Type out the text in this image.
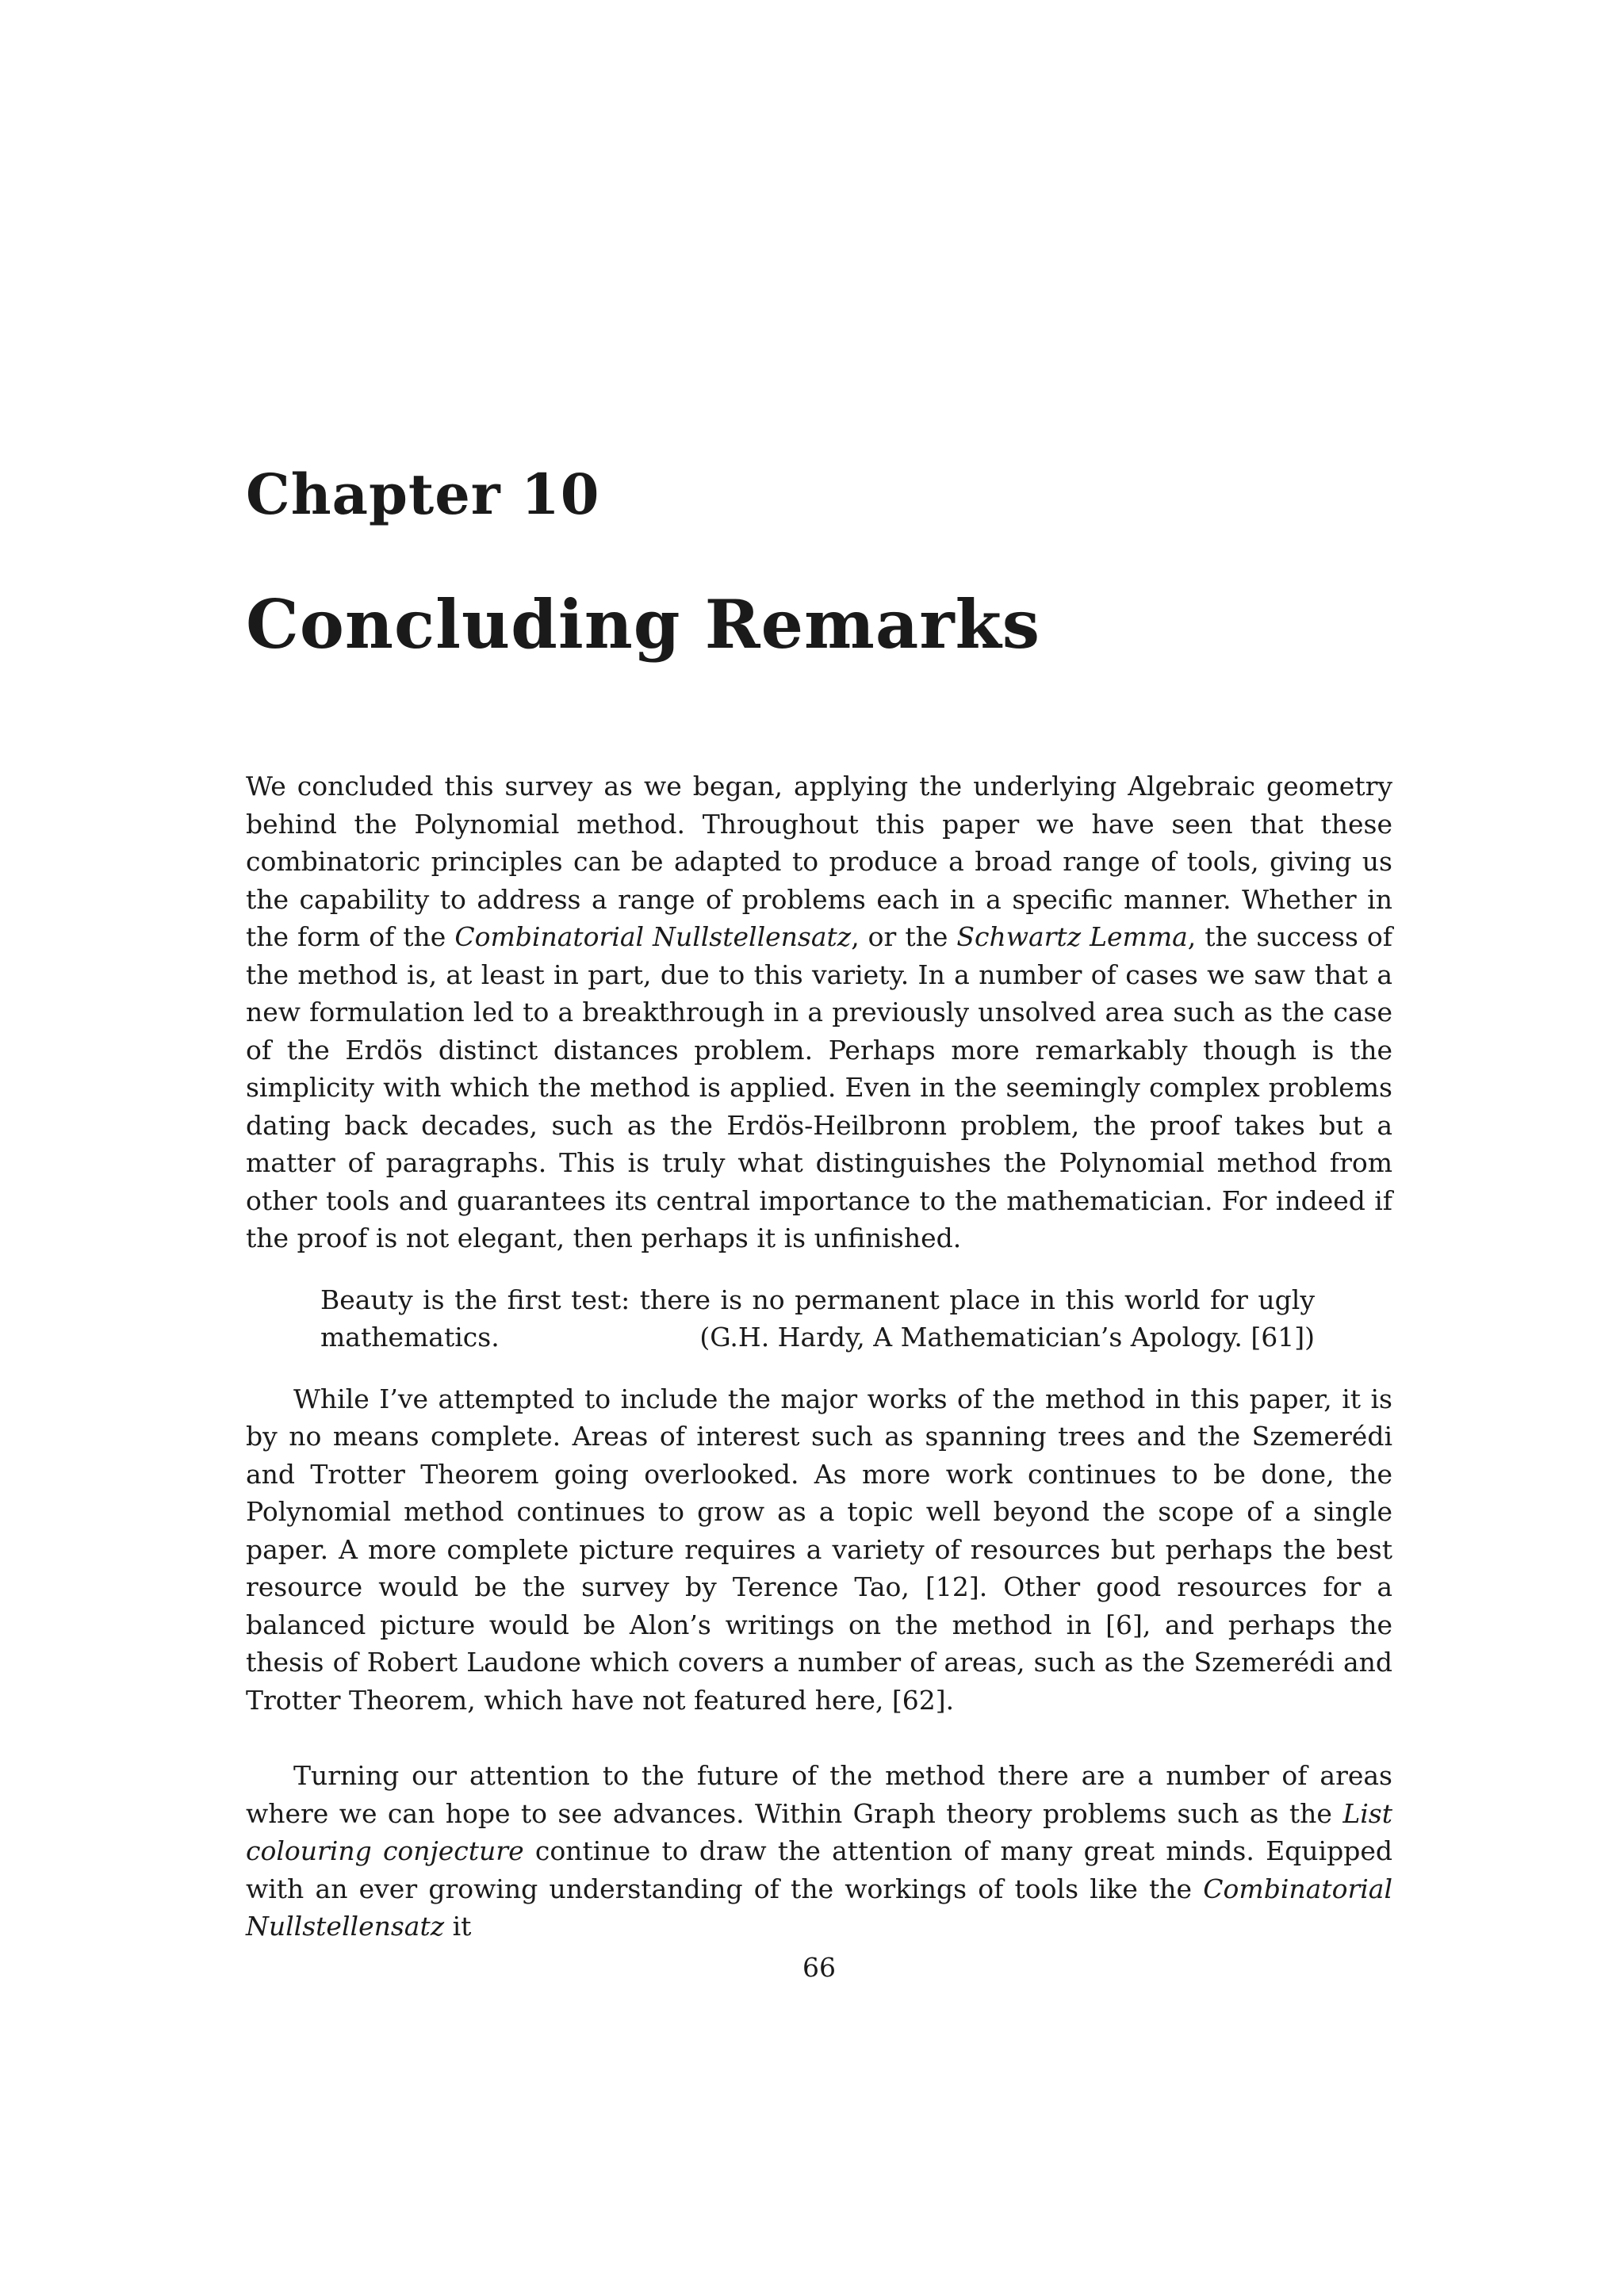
Chapter 10
Concluding Remarks

We concluded this survey as we began, applying the underlying Algebraic geometry behind the Polynomial method. Throughout this paper we have seen that these combinatoric principles can be adapted to produce a broad range of tools, giving us the capability to address a range of problems each in a specific manner. Whether in the form of the Combinatorial Nullstellensatz, or the Schwartz Lemma, the success of the method is, at least in part, due to this variety. In a number of cases we saw that a new formulation led to a breakthrough in a previously unsolved area such as the case of the Erdös distinct distances problem. Perhaps more remarkably though is the simplicity with which the method is applied. Even in the seemingly complex problems dating back decades, such as the Erdös-Heilbronn problem, the proof takes but a matter of paragraphs. This is truly what distinguishes the Polynomial method from other tools and guarantees its central importance to the mathematician. For indeed if the proof is not elegant, then perhaps it is unfinished.

Beauty is the first test: there is no permanent place in this world for ugly mathematics.	(G.H. Hardy, A Mathematician’s Apology. [61])

While I’ve attempted to include the major works of the method in this paper, it is by no means complete. Areas of interest such as spanning trees and the Szemerédi and Trotter Theorem going overlooked. As more work continues to be done, the Polynomial method continues to grow as a topic well beyond the scope of a single paper. A more complete picture requires a variety of resources but perhaps the best resource would be the survey by Terence Tao, [12]. Other good resources for a balanced picture would be Alon’s writings on the method in [6], and perhaps the thesis of Robert Laudone which covers a number of areas, such as the Szemerédi and Trotter Theorem, which have not featured here, [62].

Turning our attention to the future of the method there are a number of areas where we can hope to see advances. Within Graph theory problems such as the List colouring conjecture continue to draw the attention of many great minds. Equipped with an ever growing understanding of the workings of tools like the Combinatorial Nullstellensatz it

66
